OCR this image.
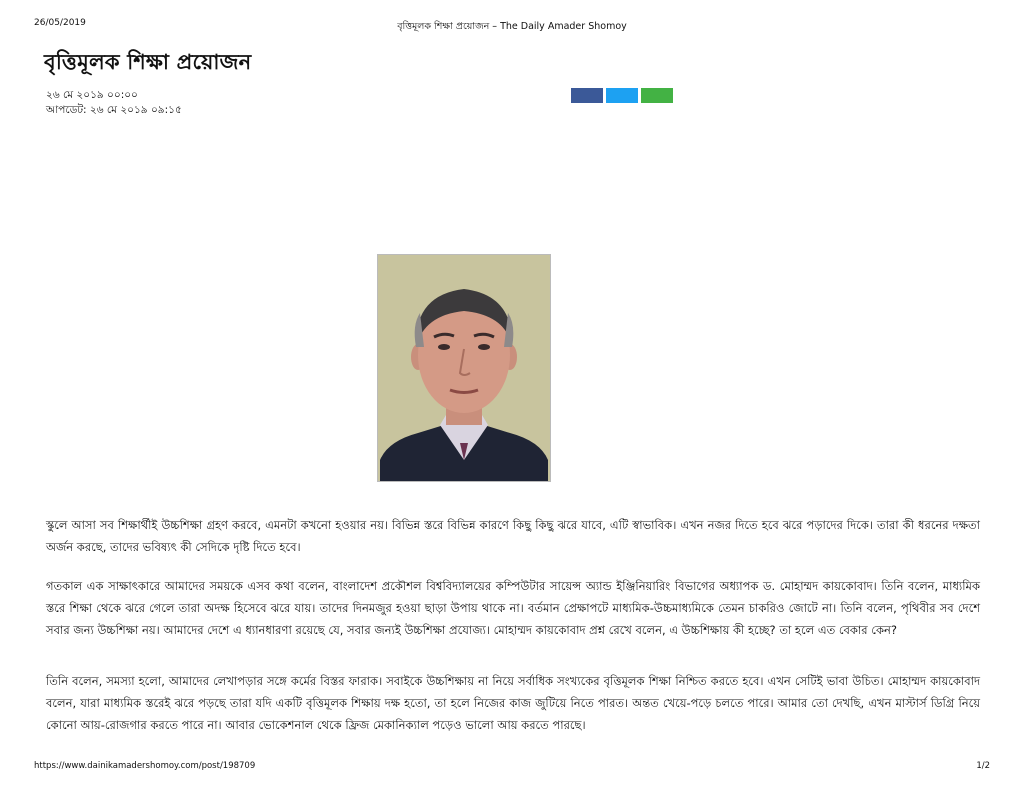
26/05/2019	বৃত্তিমূলক শিক্ষা প্রয়োজন – The Daily Amader Shomoy
বৃত্তিমূলক শিক্ষা প্রয়োজন
২৬ মে ২০১৯ ০০:০০
আপডেট: ২৬ মে ২০১৯ ০৯:১৫

স্কুলে আসা সব শিক্ষার্থীই উচ্চশিক্ষা গ্রহণ করবে, এমনটা কখনো হওয়ার নয়। বিভিন্ন স্তরে বিভিন্ন কারণে কিছু কিছু ঝরে যাবে, এটি স্বাভাবিক। এখন নজর দিতে হবে ঝরে পড়াদের দিকে। তারা কী ধরনের দক্ষতা অর্জন করছে, তাদের ভবিষ্যৎ কী সেদিকে দৃষ্টি দিতে হবে।

গতকাল এক সাক্ষাৎকারে আমাদের সময়কে এসব কথা বলেন, বাংলাদেশ প্রকৌশল বিশ্ববিদ্যালয়ের কম্পিউটার সায়েন্স অ্যান্ড ইঞ্জিনিয়ারিং বিভাগের অধ্যাপক ড. মোহাম্মদ কায়কোবাদ। তিনি বলেন, মাধ্যমিক স্তরে শিক্ষা থেকে ঝরে গেলে তারা অদক্ষ হিসেবে ঝরে যায়। তাদের দিনমজুর হওয়া ছাড়া উপায় থাকে না। বর্তমান প্রেক্ষাপটে মাধ্যমিক-উচ্চমাধ্যমিকে তেমন চাকরিও জোটে না। তিনি বলেন, পৃথিবীর সব দেশে সবার জন্য উচ্চশিক্ষা নয়। আমাদের দেশে এ ধ্যানধারণা রয়েছে যে, সবার জন্যই উচ্চশিক্ষা প্রযোজ্য। মোহাম্মদ কায়কোবাদ প্রশ্ন রেখে বলেন, এ উচ্চশিক্ষায় কী হচ্ছে? তা হলে এত বেকার কেন?

তিনি বলেন, সমস্যা হলো, আমাদের লেখাপড়ার সঙ্গে কর্মের বিস্তর ফারাক। সবাইকে উচ্চশিক্ষায় না নিয়ে সর্বাধিক সংখ্যকের বৃত্তিমূলক শিক্ষা নিশ্চিত করতে হবে। এখন সেটিই ভাবা উচিত। মোহাম্মদ কায়কোবাদ বলেন, যারা মাধ্যমিক স্তরেই ঝরে পড়ছে তারা যদি একটি বৃত্তিমূলক শিক্ষায় দক্ষ হতো, তা হলে নিজের কাজ জুটিয়ে নিতে পারত। অন্তত খেয়ে-পড়ে চলতে পারে। আমার তো দেখছি, এখন মাস্টার্স ডিগ্রি নিয়ে কোনো আয়-রোজগার করতে পারে না। আবার ভোকেশনাল থেকে ফ্রিজ মেকানিক্যাল পড়েও ভালো আয় করতে পারছে।

https://www.dainikamadershomoy.com/post/198709	1/2
